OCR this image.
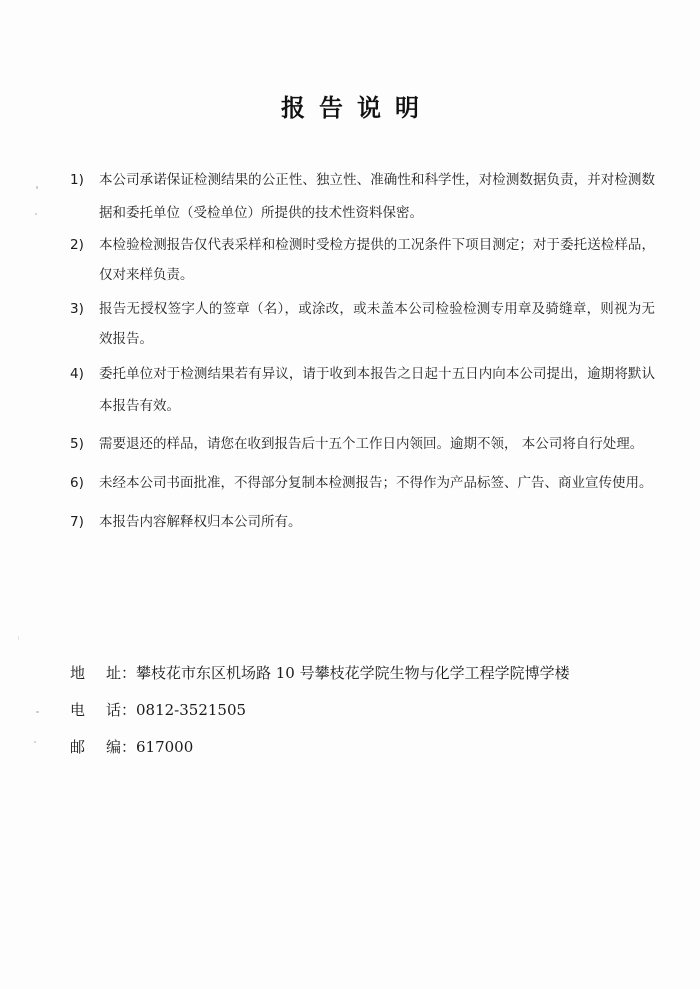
报告说明
1) 本公司承诺保证检测结果的公正性、独立性、准确性和科学性，对检测数据负责，并对检测数据和委托单位（受检单位）所提供的技术性资料保密。
2) 本检验检测报告仅代表采样和检测时受检方提供的工况条件下项目测定；对于委托送检样品，仅对来样负责。
3) 报告无授权签字人的签章（名），或涂改，或未盖本公司检验检测专用章及骑缝章，则视为无效报告。
4) 委托单位对于检测结果若有异议，请于收到本报告之日起十五日内向本公司提出，逾期将默认本报告有效。
5) 需要退还的样品，请您在收到报告后十五个工作日内领回。逾期不领， 本公司将自行处理。
6) 未经本公司书面批准，不得部分复制本检测报告；不得作为产品标签、广告、商业宣传使用。
7) 本报告内容解释权归本公司所有。
地 址： 攀枝花市东区机场路 10 号攀枝花学院生物与化学工程学院博学楼
电 话： 0812-3521505
邮 编： 617000
